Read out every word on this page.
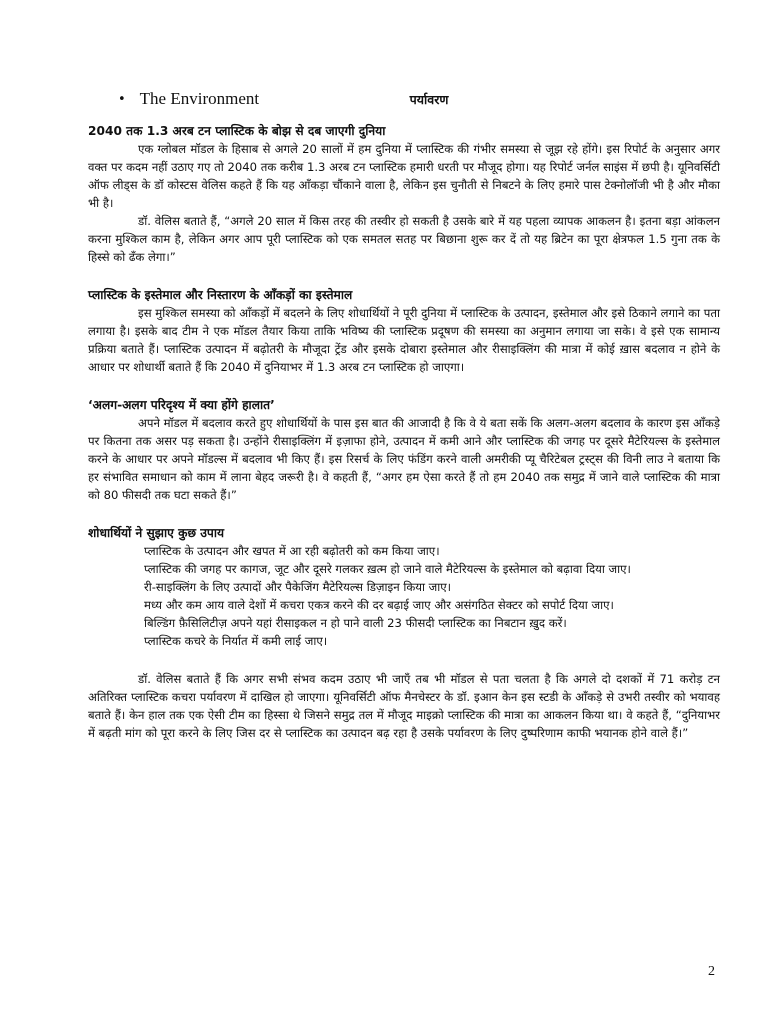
• The Environment	पर्यावरण
2040 तक 1.3 अरब टन प्लास्टिक के बोझ से दब जाएगी दुनिया

एक ग्लोबल मॉडल के हिसाब से अगले 20 सालों में हम दुनिया में प्लास्टिक की गंभीर समस्या से जूझ रहे होंगे। इस रिपोर्ट के अनुसार अगर वक्त पर कदम नहीं उठाए गए तो 2040 तक करीब 1.3 अरब टन प्लास्टिक हमारी धरती पर मौजूद होगा। यह रिपोर्ट जर्नल साइंस में छपी है। यूनिवर्सिटी ऑफ लीड्स के डॉ कोस्टस वेलिस कहते हैं कि यह आँकड़ा चौंकाने वाला है, लेकिन इस चुनौती से निबटने के लिए हमारे पास टेक्नोलॉजी भी है और मौका भी है।

डॉ. वेलिस बताते हैं, “अगले 20 साल में किस तरह की तस्वीर हो सकती है उसके बारे में यह पहला व्यापक आकलन है। इतना बड़ा आंकलन करना मुश्किल काम है, लेकिन अगर आप पूरी प्लास्टिक को एक समतल सतह पर बिछाना शुरू कर दें तो यह ब्रिटेन का पूरा क्षेत्रफल 1.5 गुना तक के हिस्से को ढँक लेगा।”

प्लास्टिक के इस्तेमाल और निस्तारण के आँकड़ों का इस्तेमाल

इस मुश्किल समस्या को आँकड़ों में बदलने के लिए शोधार्थियों ने पूरी दुनिया में प्लास्टिक के उत्पादन, इस्तेमाल और इसे ठिकाने लगाने का पता लगाया है। इसके बाद टीम ने एक मॉडल तैयार किया ताकि भविष्य की प्लास्टिक प्रदूषण की समस्या का अनुमान लगाया जा सके। वे इसे एक सामान्य प्रक्रिया बताते हैं। प्लास्टिक उत्पादन में बढ़ोतरी के मौजूदा ट्रेंड और इसके दोबारा इस्तेमाल और रीसाइक्लिंग की मात्रा में कोई ख़ास बदलाव न होने के आधार पर शोधार्थी बताते हैं कि 2040 में दुनियाभर में 1.3 अरब टन प्लास्टिक हो जाएगा।

‘अलग-अलग परिदृश्य में क्या होंगे हालात’

अपने मॉडल में बदलाव करते हुए शोधार्थियों के पास इस बात की आजादी है कि वे ये बता सकें कि अलग-अलग बदलाव के कारण इस आँकड़े पर कितना तक असर पड़ सकता है। उन्होंने रीसाइक्लिंग में इज़ाफा होने, उत्पादन में कमी आने और प्लास्टिक की जगह पर दूसरे मैटेरियल्स के इस्तेमाल करने के आधार पर अपने मॉडल्स में बदलाव भी किए हैं। इस रिसर्च के लिए फंडिंग करने वाली अमरीकी प्यू चैरिटेबल ट्रस्ट्स की विनी लाउ ने बताया कि हर संभावित समाधान को काम में लाना बेहद जरूरी है। वे कहती हैं, “अगर हम ऐसा करते हैं तो हम 2040 तक समुद्र में जाने वाले प्लास्टिक की मात्रा को 80 फीसदी तक घटा सकते हैं।”

शोधार्थियों ने सुझाए कुछ उपाय
प्लास्टिक के उत्पादन और खपत में आ रही बढ़ोतरी को कम किया जाए।
प्लास्टिक की जगह पर कागज, जूट और दूसरे गलकर ख़त्म हो जाने वाले मैटेरियल्स के इस्तेमाल को बढ़ावा दिया जाए।
री-साइक्लिंग के लिए उत्पादों और पैकेजिंग मैटेरियल्स डिज़ाइन किया जाए।
मध्य और कम आय वाले देशों में कचरा एकत्र करने की दर बढ़ाई जाए और असंगठित सेक्टर को सपोर्ट दिया जाए।
बिल्डिंग फ़ैसिलिटीज़ अपने यहां रीसाइकल न हो पाने वाली 23 फीसदी प्लास्टिक का निबटान ख़ुद करें।
प्लास्टिक कचरे के निर्यात में कमी लाई जाए।

डॉ. वेलिस बताते हैं कि अगर सभी संभव कदम उठाए भी जाएँ तब भी मॉडल से पता चलता है कि अगले दो दशकों में 71 करोड़ टन अतिरिक्त प्लास्टिक कचरा पर्यावरण में दाखिल हो जाएगा। यूनिवर्सिटी ऑफ मैनचेस्टर के डॉ. इआन केन इस स्टडी के आँकड़े से उभरी तस्वीर को भयावह बताते हैं। केन हाल तक एक ऐसी टीम का हिस्सा थे जिसने समुद्र तल में मौजूद माइक्रो प्लास्टिक की मात्रा का आकलन किया था। वे कहते हैं, “दुनियाभर में बढ़ती मांग को पूरा करने के लिए जिस दर से प्लास्टिक का उत्पादन बढ़ रहा है उसके पर्यावरण के लिए दुष्परिणाम काफी भयानक होने वाले हैं।”

2
